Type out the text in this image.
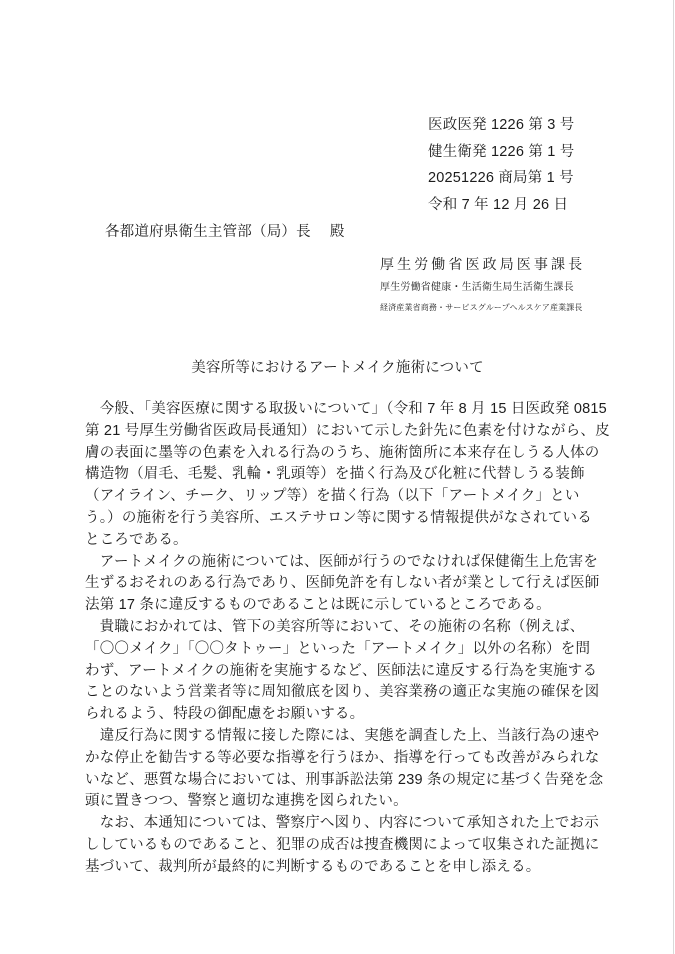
医政医発 1226 第 3 号
健生衛発 1226 第 1 号
20251226 商局第 1 号
令和 7 年 12 月 26 日
各都道府県衛生主管部（局）長 殿
厚生労働省医政局医事課長
厚生労働省健康・生活衛生局生活衛生課長
経済産業省商務・サービスグループヘルスケア産業課長
美容所等におけるアートメイク施術について
　今般、「美容医療に関する取扱いについて」（令和 7 年 8 月 15 日医政発 0815
第 21 号厚生労働省医政局長通知）において示した針先に色素を付けながら、皮
膚の表面に墨等の色素を入れる行為のうち、施術箇所に本来存在しうる人体の
構造物（眉毛、毛髪、乳輪・乳頭等）を描く行為及び化粧に代替しうる装飾
（アイライン、チーク、リップ等）を描く行為（以下「アートメイク」とい
う。）の施術を行う美容所、エステサロン等に関する情報提供がなされている
ところである。
　アートメイクの施術については、医師が行うのでなければ保健衛生上危害を
生ずるおそれのある行為であり、医師免許を有しない者が業として行えば医師
法第 17 条に違反するものであることは既に示しているところである。
　貴職におかれては、管下の美容所等において、その施術の名称（例えば、
「〇〇メイク」「〇〇タトゥー」といった「アートメイク」以外の名称）を問
わず、アートメイクの施術を実施するなど、医師法に違反する行為を実施する
ことのないよう営業者等に周知徹底を図り、美容業務の適正な実施の確保を図
られるよう、特段の御配慮をお願いする。
　違反行為に関する情報に接した際には、実態を調査した上、当該行為の速や
かな停止を勧告する等必要な指導を行うほか、指導を行っても改善がみられな
いなど、悪質な場合においては、刑事訴訟法第 239 条の規定に基づく告発を念
頭に置きつつ、警察と適切な連携を図られたい。
　なお、本通知については、警察庁へ図り、内容について承知された上でお示
ししているものであること、犯罪の成否は捜査機関によって収集された証拠に
基づいて、裁判所が最終的に判断するものであることを申し添える。
